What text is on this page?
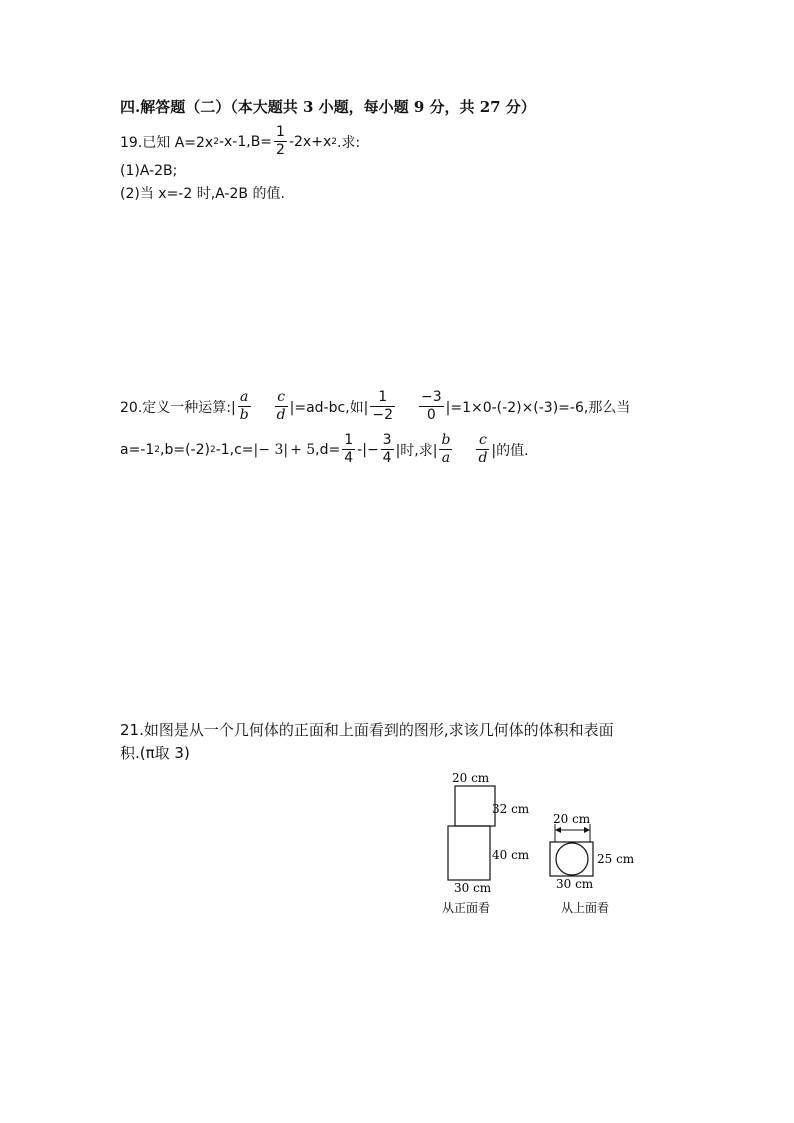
四.解答题（二）（本大题共 3 小题，每小题 9 分，共 27 分）
19.已知 A=2x 2 $-x-1,B= \frac{1}{2} -2x+x$ 2 .求:
(1)A-2B;
(2)当 x=-2 时,A-2B 的值.
20.定义一种运算:| $\frac{a}{b} \frac{c}{d} |=ad-bc$,如| $\frac{1}{-2} \frac{-3}{0} |=1\times 0-(-2)\times(-3)=-6$,那么当
a=-1 2 ,b=(-2) 2 -1,c= |− 3| + 5 $,d= \frac{1}{4}$ -|− $\frac{3}{4}$ |时,求| $\frac{b}{a} \frac{c}{d}$ |的值.
21.如图是从一个几何体的正面和上面看到的图形,求该几何体的体积和表面
积.(π取 3)
20 cm
32 cm
40 cm
30 cm
从正面看
20 cm
25 cm
30 cm
从上面看
